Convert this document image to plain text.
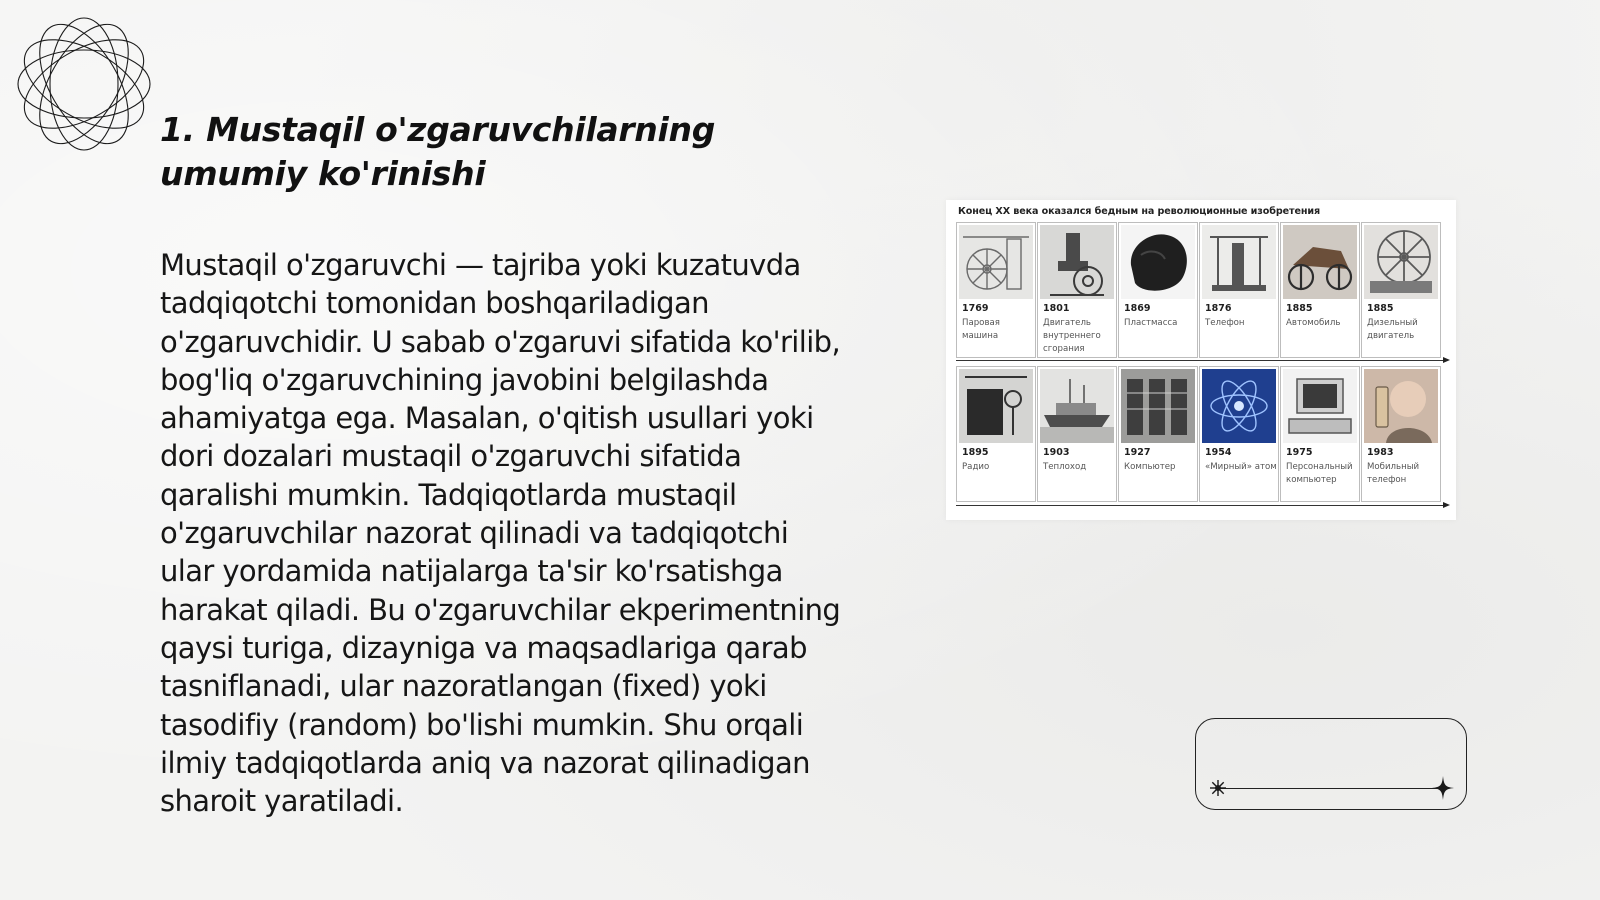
1. Mustaqil o'zgaruvchilarning umumiy ko'rinishi

Mustaqil o'zgaruvchi — tajriba yoki kuzatuvda tadqiqotchi tomonidan boshqariladigan o'zgaruvchidir. U sabab o'zgaruvi sifatida ko'rilib, bog'liq o'zgaruvchining javobini belgilashda ahamiyatga ega. Masalan, o'qitish usullari yoki dori dozalari mustaqil o'zgaruvchi sifatida qaralishi mumkin. Tadqiqotlarda mustaqil o'zgaruvchilar nazorat qilinadi va tadqiqotchi ular yordamida natijalarga ta'sir ko'rsatishga harakat qiladi. Bu o'zgaruvchilar ekperimentning qaysi turiga, dizayniga va maqsadlariga qarab tasniflanadi, ular nazoratlangan (fixed) yoki tasodifiy (random) bo'lishi mumkin. Shu orqali ilmiy tadqiqotlarda aniq va nazorat qilinadigan sharoit yaratiladi.

Конец XX века оказался бедным на революционные изобретения
1769
Паровая машина
1801
Двигатель внутреннего сгорания
1869
Пластмасса
1876
Телефон
1885
Автомобиль
1885
Дизельный двигатель
1895
Радио
1903
Теплоход
1927
Компьютер
1954
«Мирный» атом
1975
Персональный компьютер
1983
Мобильный телефон
